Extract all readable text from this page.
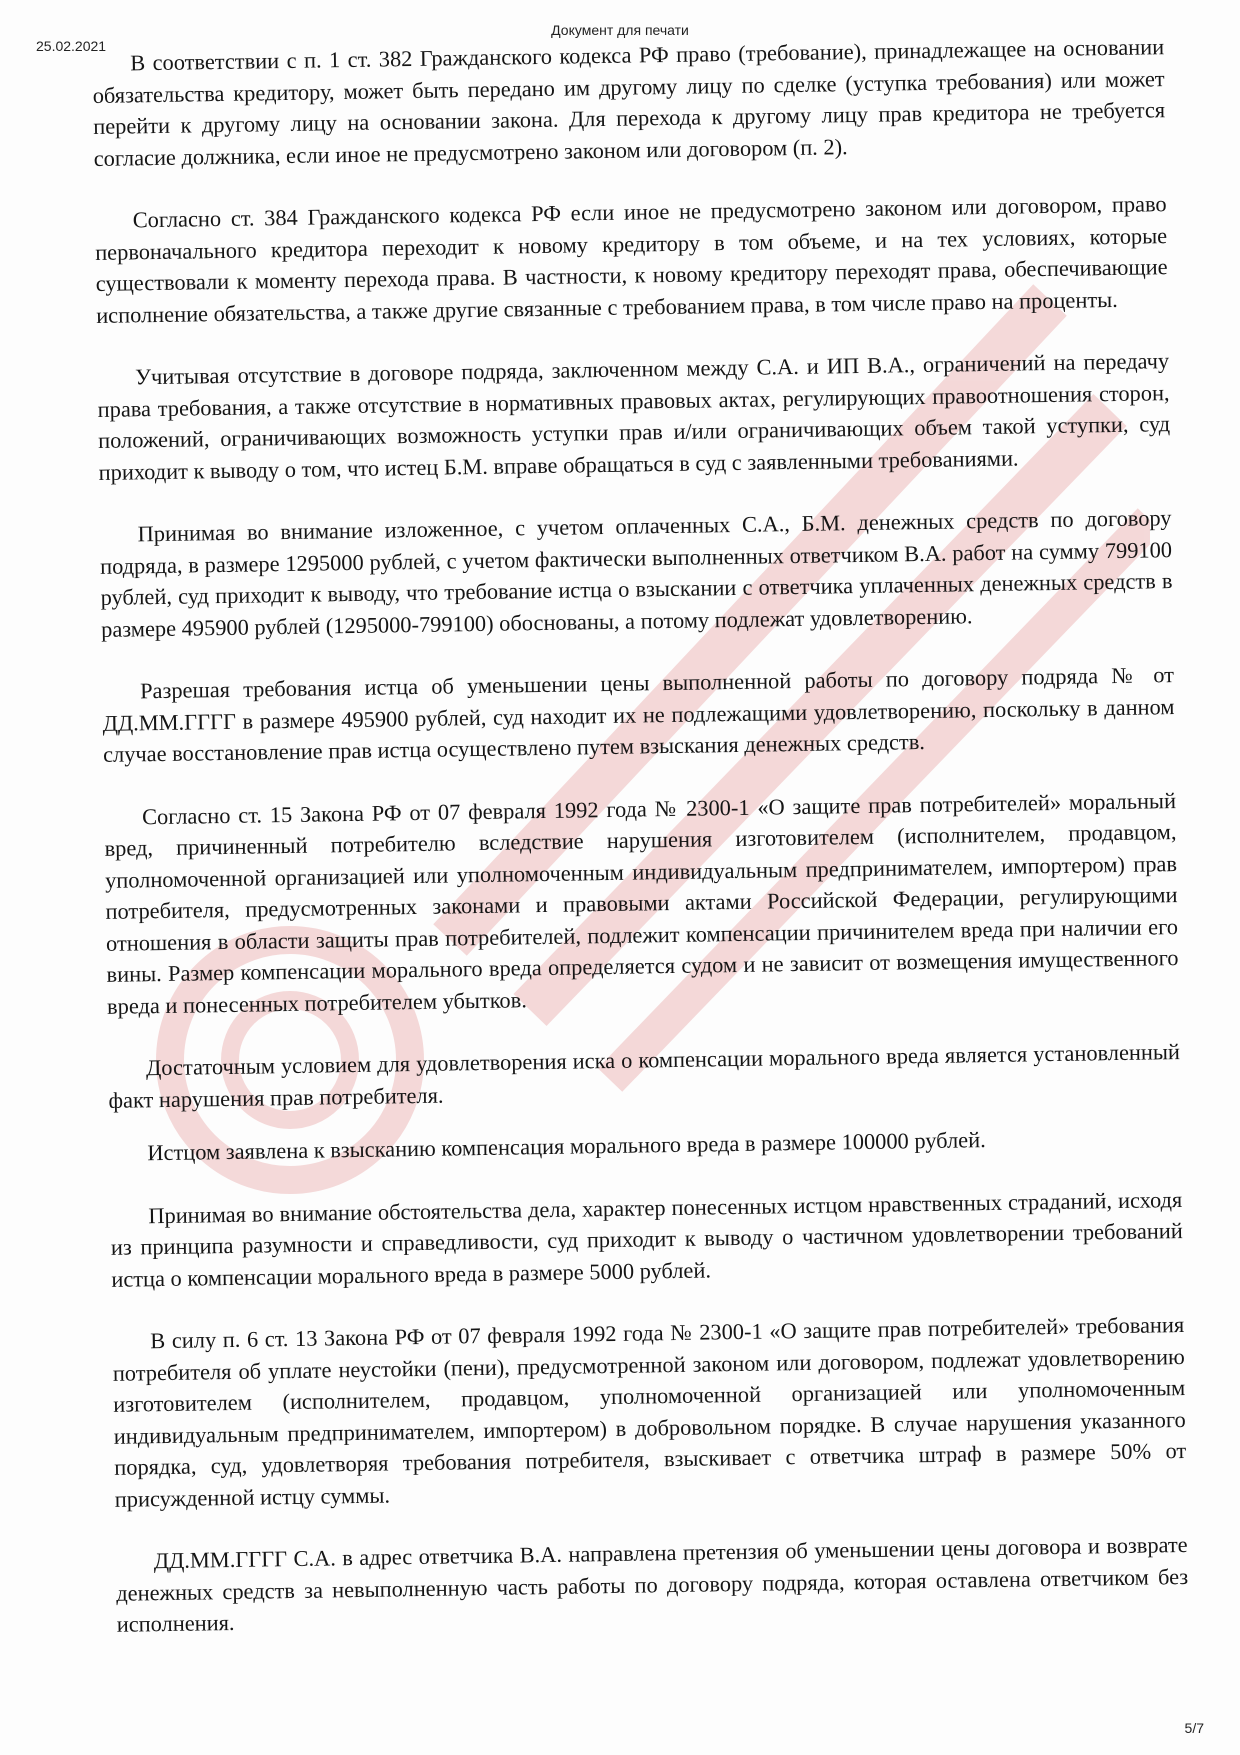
Документ для печати
25.02.2021	В соответствии с п. 1 ст. 382 Гражданского кодекса РФ право (требование), принадлежащее на основании обязательства кредитору, может быть передано им другому лицу по сделке (уступка требования) или может перейти к другому лицу на основании закона. Для перехода к другому лицу прав кредитора не требуется согласие должника, если иное не предусмотрено законом или договором (п. 2).

Согласно ст. 384 Гражданского кодекса РФ если иное не предусмотрено законом или договором, право первоначального кредитора переходит к новому кредитору в том объеме, и на тех условиях, которые существовали к моменту перехода права. В частности, к новому кредитору переходят права, обеспечивающие исполнение обязательства, а также другие связанные с требованием права, в том числе право на проценты.

Учитывая отсутствие в договоре подряда, заключенном между С.А. и ИП В.А., ограничений на передачу права требования, а также отсутствие в нормативных правовых актах, регулирующих правоотношения сторон, положений, ограничивающих возможность уступки прав и/или ограничивающих объем такой уступки, суд приходит к выводу о том, что истец Б.М. вправе обращаться в суд с заявленными требованиями.

Принимая во внимание изложенное, с учетом оплаченных С.А., Б.М. денежных средств по договору подряда, в размере 1295000 рублей, с учетом фактически выполненных ответчиком В.А. работ на сумму 799100 рублей, суд приходит к выводу, что требование истца о взыскании с ответчика уплаченных денежных средств в размере 495900 рублей (1295000-799100) обоснованы, а потому подлежат удовлетворению.

Разрешая требования истца об уменьшении цены выполненной работы по договору подряда № от ДД.ММ.ГГГГ в размере 495900 рублей, суд находит их не подлежащими удовлетворению, поскольку в данном случае восстановление прав истца осуществлено путем взыскания денежных средств.

Согласно ст. 15 Закона РФ от 07 февраля 1992 года № 2300-1 «О защите прав потребителей» моральный вред, причиненный потребителю вследствие нарушения изготовителем (исполнителем, продавцом, уполномоченной организацией или уполномоченным индивидуальным предпринимателем, импортером) прав потребителя, предусмотренных законами и правовыми актами Российской Федерации, регулирующими отношения в области защиты прав потребителей, подлежит компенсации причинителем вреда при наличии его вины. Размер компенсации морального вреда определяется судом и не зависит от возмещения имущественного вреда и понесенных потребителем убытков.

Достаточным условием для удовлетворения иска о компенсации морального вреда является установленный факт нарушения прав потребителя.

Истцом заявлена к взысканию компенсация морального вреда в размере 100000 рублей.

Принимая во внимание обстоятельства дела, характер понесенных истцом нравственных страданий, исходя из принципа разумности и справедливости, суд приходит к выводу о частичном удовлетворении требований истца о компенсации морального вреда в размере 5000 рублей.

В силу п. 6 ст. 13 Закона РФ от 07 февраля 1992 года № 2300-1 «О защите прав потребителей» требования потребителя об уплате неустойки (пени), предусмотренной законом или договором, подлежат удовлетворению изготовителем (исполнителем, продавцом, уполномоченной организацией или уполномоченным индивидуальным предпринимателем, импортером) в добровольном порядке. В случае нарушения указанного порядка, суд, удовлетворяя требования потребителя, взыскивает с ответчика штраф в размере 50% от присужденной истцу суммы.

ДД.ММ.ГГГГ С.А. в адрес ответчика В.А. направлена претензия об уменьшении цены договора и возврате денежных средств за невыполненную часть работы по договору подряда, которая оставлена ответчиком без исполнения.

5/7
